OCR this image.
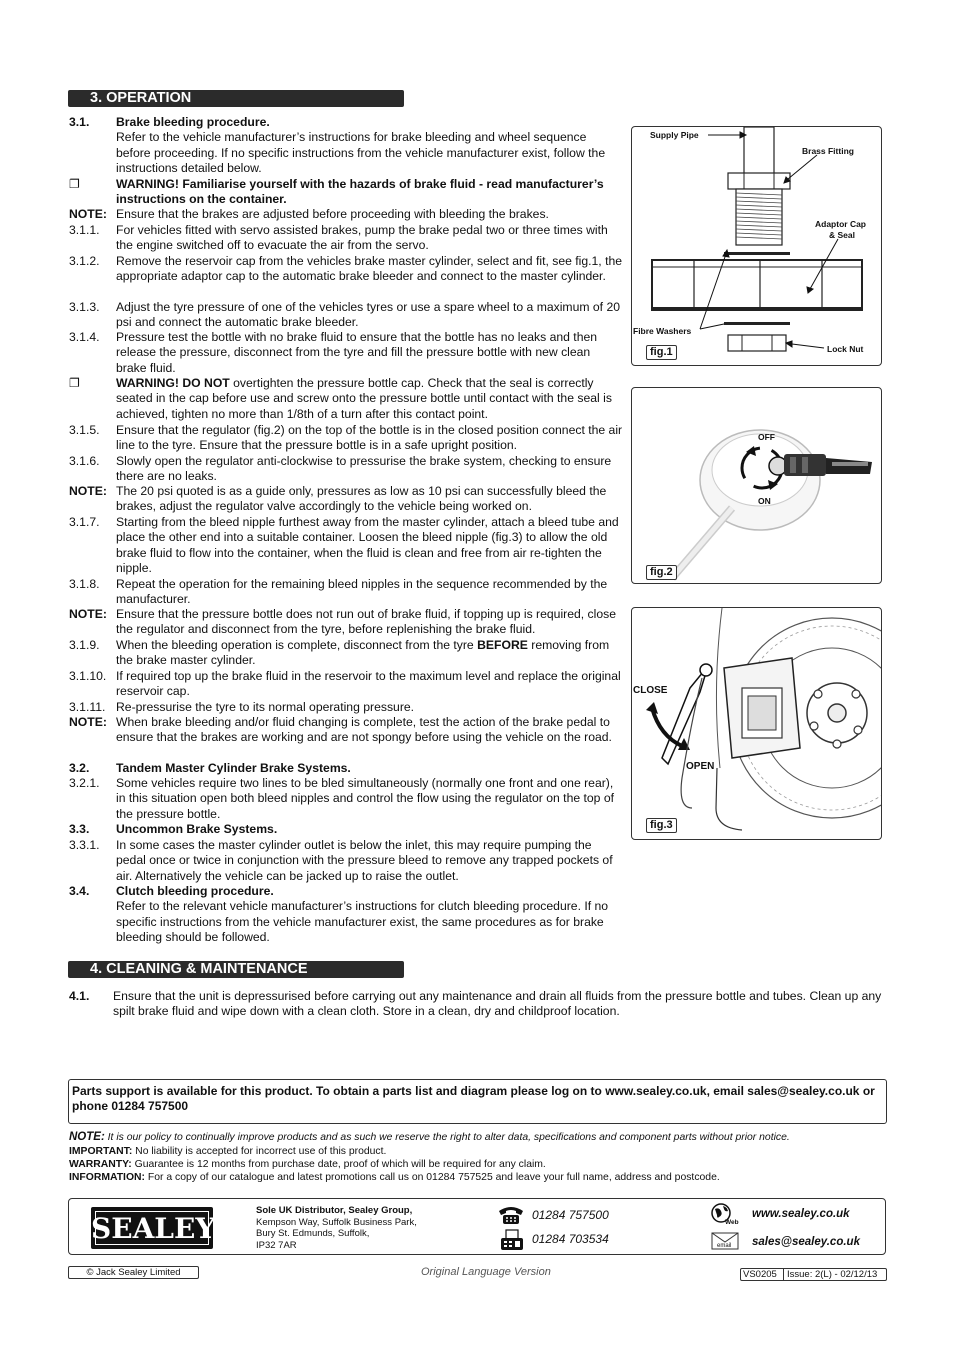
3. OPERATION
3.1.	Brake bleeding procedure.
Refer to the vehicle manufacturer’s instructions for brake bleeding and wheel sequence before proceeding. If no specific instructions from the vehicle manufacturer exist, follow the instructions detailed below.
❐	WARNING! Familiarise yourself with the hazards of brake fluid - read manufacturer’s instructions on the container.
NOTE: Ensure that the brakes are adjusted before proceeding with bleeding the brakes.
3.1.1.	For vehicles fitted with servo assisted brakes, pump the brake pedal two or three times with the engine switched off to evacuate the air from the servo.
3.1.2.	Remove the reservoir cap from the vehicles brake master cylinder, select and fit, see fig.1, the appropriate adaptor cap to the automatic brake bleeder and connect to the master cylinder.
3.1.3.	Adjust the tyre pressure of one of the vehicles tyres or use a spare wheel to a maximum of 20 psi and connect the automatic brake bleeder.
3.1.4.	Pressure test the bottle with no brake fluid to ensure that the bottle has no leaks and then release the pressure, disconnect from the tyre and fill the pressure bottle with new clean brake fluid.
❐	WARNING! DO NOT overtighten the pressure bottle cap. Check that the seal is correctly seated in the cap before use and screw onto the pressure bottle until contact with the seal is achieved, tighten no more than 1/8th of a turn after this contact point.
3.1.5.	Ensure that the regulator (fig.2) on the top of the bottle is in the closed position connect the air line to the tyre. Ensure that the pressure bottle is in a safe upright position.
3.1.6.	Slowly open the regulator anti-clockwise to pressurise the brake system, checking to ensure there are no leaks.
NOTE: The 20 psi quoted is as a guide only, pressures as low as 10 psi can successfully bleed the brakes, adjust the regulator valve accordingly to the vehicle being worked on.
3.1.7.	Starting from the bleed nipple furthest away from the master cylinder, attach a bleed tube and place the other end into a suitable container. Loosen the bleed nipple (fig.3) to allow the old brake fluid to flow into the container, when the fluid is clean and free from air re-tighten the nipple.
3.1.8.	Repeat the operation for the remaining bleed nipples in the sequence recommended by the manufacturer.
NOTE: Ensure that the pressure bottle does not run out of brake fluid, if topping up is required, close the regulator and disconnect from the tyre, before replenishing the brake fluid.
3.1.9.	When the bleeding operation is complete, disconnect from the tyre BEFORE removing from the brake master cylinder.
3.1.10. If required top up the brake fluid in the reservoir to the maximum level and replace the original reservoir cap.
3.1.11. Re-pressurise the tyre to its normal operating pressure.
NOTE: When brake bleeding and/or fluid changing is complete, test the action of the brake pedal to ensure that the brakes are working and are not spongy before using the vehicle on the road.
3.2.	Tandem Master Cylinder Brake Systems.
3.2.1.	Some vehicles require two lines to be bled simultaneously (normally one front and one rear), in this situation open both bleed nipples and control the flow using the regulator on the top of the pressure bottle.
3.3.	Uncommon Brake Systems.
3.3.1.	In some cases the master cylinder outlet is below the inlet, this may require pumping the pedal once or twice in conjunction with the pressure bleed to remove any trapped pockets of air. Alternatively the vehicle can be jacked up to raise the outlet.
3.4.	Clutch bleeding procedure.
Refer to the relevant vehicle manufacturer’s instructions for clutch bleeding procedure. If no specific instructions from the vehicle manufacturer exist, the same procedures as for brake bleeding should be followed.
Supply Pipe
Brass Fitting
Adaptor Cap
& Seal
Fibre Washers
Lock Nut
fig.1
OFF
ON
fig.2
CLOSE
OPEN
fig.3
4. CLEANING & MAINTENANCE
4.1. Ensure that the unit is depressurised before carrying out any maintenance and drain all fluids from the pressure bottle and tubes. Clean up any spilt brake fluid and wipe down with a clean cloth. Store in a clean, dry and childproof location.
Parts support is available for this product. To obtain a parts list and diagram please log on to www.sealey.co.uk, email sales@sealey.co.uk or phone 01284 757500
NOTE: It is our policy to continually improve products and as such we reserve the right to alter data, specifications and component parts without prior notice.
IMPORTANT: No liability is accepted for incorrect use of this product.
WARRANTY: Guarantee is 12 months from purchase date, proof of which will be required for any claim.
INFORMATION: For a copy of our catalogue and latest promotions call us on 01284 757525 and leave your full name, address and postcode.
SEALEY
Sole UK Distributor, Sealey Group,
Kempson Way, Suffolk Business Park,
Bury St. Edmunds, Suffolk,
IP32 7AR
01284 757500
01284 703534
Web
www.sealey.co.uk
email sales@sealey.co.uk
© Jack Sealey Limited	Original Language Version	VS0205 Issue: 2(L) - 02/12/13
